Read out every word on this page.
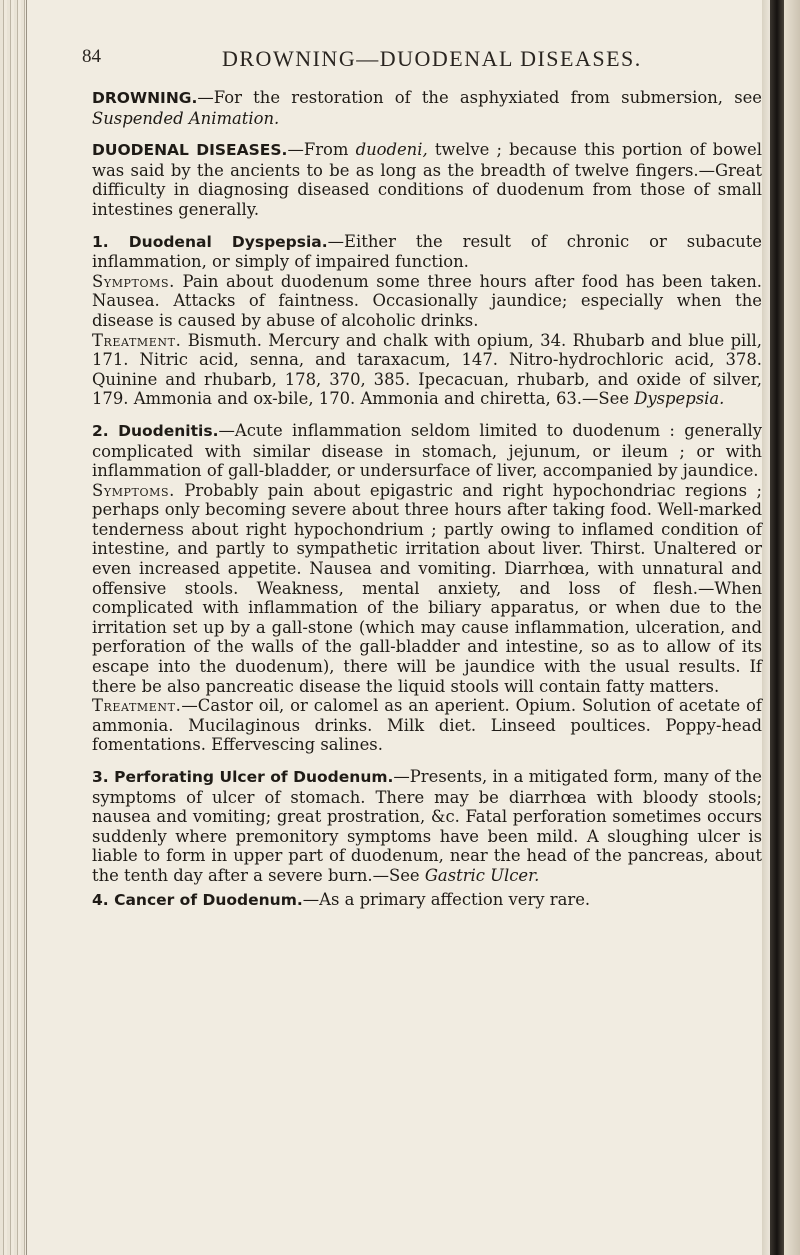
84	DROWNING—DUODENAL DISEASES.

DROWNING.—For the restoration of the asphyxiated from submersion, see Suspended Animation.

DUODENAL DISEASES.—From duodeni, twelve ; because this portion of bowel was said by the ancients to be as long as the breadth of twelve fingers.—Great difficulty in diagnosing diseased conditions of duodenum from those of small intestines generally.

1. Duodenal Dyspepsia.—Either the result of chronic or subacute inflammation, or simply of impaired function.

Symptoms. Pain about duodenum some three hours after food has been taken. Nausea. Attacks of faintness. Occasionally jaundice; especially when the disease is caused by abuse of alcoholic drinks.

Treatment. Bismuth. Mercury and chalk with opium, 34. Rhubarb and blue pill, 171. Nitric acid, senna, and taraxacum, 147. Nitro-hydrochloric acid, 378. Quinine and rhubarb, 178, 370, 385. Ipecacuan, rhubarb, and oxide of silver, 179. Ammonia and ox-bile, 170. Ammonia and chiretta, 63.—See Dyspepsia.

2. Duodenitis.—Acute inflammation seldom limited to duodenum : generally complicated with similar disease in stomach, jejunum, or ileum ; or with inflammation of gall-bladder, or undersurface of liver, accompanied by jaundice.

Symptoms. Probably pain about epigastric and right hypochondriac regions ; perhaps only becoming severe about three hours after taking food. Well-marked tenderness about right hypochondrium ; partly owing to inflamed condition of intestine, and partly to sympathetic irritation about liver. Thirst. Unaltered or even increased appetite. Nausea and vomiting. Diarrhœa, with unnatural and offensive stools. Weakness, mental anxiety, and loss of flesh.—When complicated with inflammation of the biliary apparatus, or when due to the irritation set up by a gall-stone (which may cause inflammation, ulceration, and perforation of the walls of the gall-bladder and intestine, so as to allow of its escape into the duodenum), there will be jaundice with the usual results. If there be also pancreatic disease the liquid stools will contain fatty matters.

Treatment.—Castor oil, or calomel as an aperient. Opium. Solution of acetate of ammonia. Mucilaginous drinks. Milk diet. Linseed poultices. Poppy-head fomentations. Effervescing salines.

3. Perforating Ulcer of Duodenum.—Presents, in a mitigated form, many of the symptoms of ulcer of stomach. There may be diarrhœa with bloody stools; nausea and vomiting; great prostration, &c. Fatal perforation sometimes occurs suddenly where premonitory symptoms have been mild. A sloughing ulcer is liable to form in upper part of duodenum, near the head of the pancreas, about the tenth day after a severe burn.—See Gastric Ulcer.

4. Cancer of Duodenum.—As a primary affection very rare.
